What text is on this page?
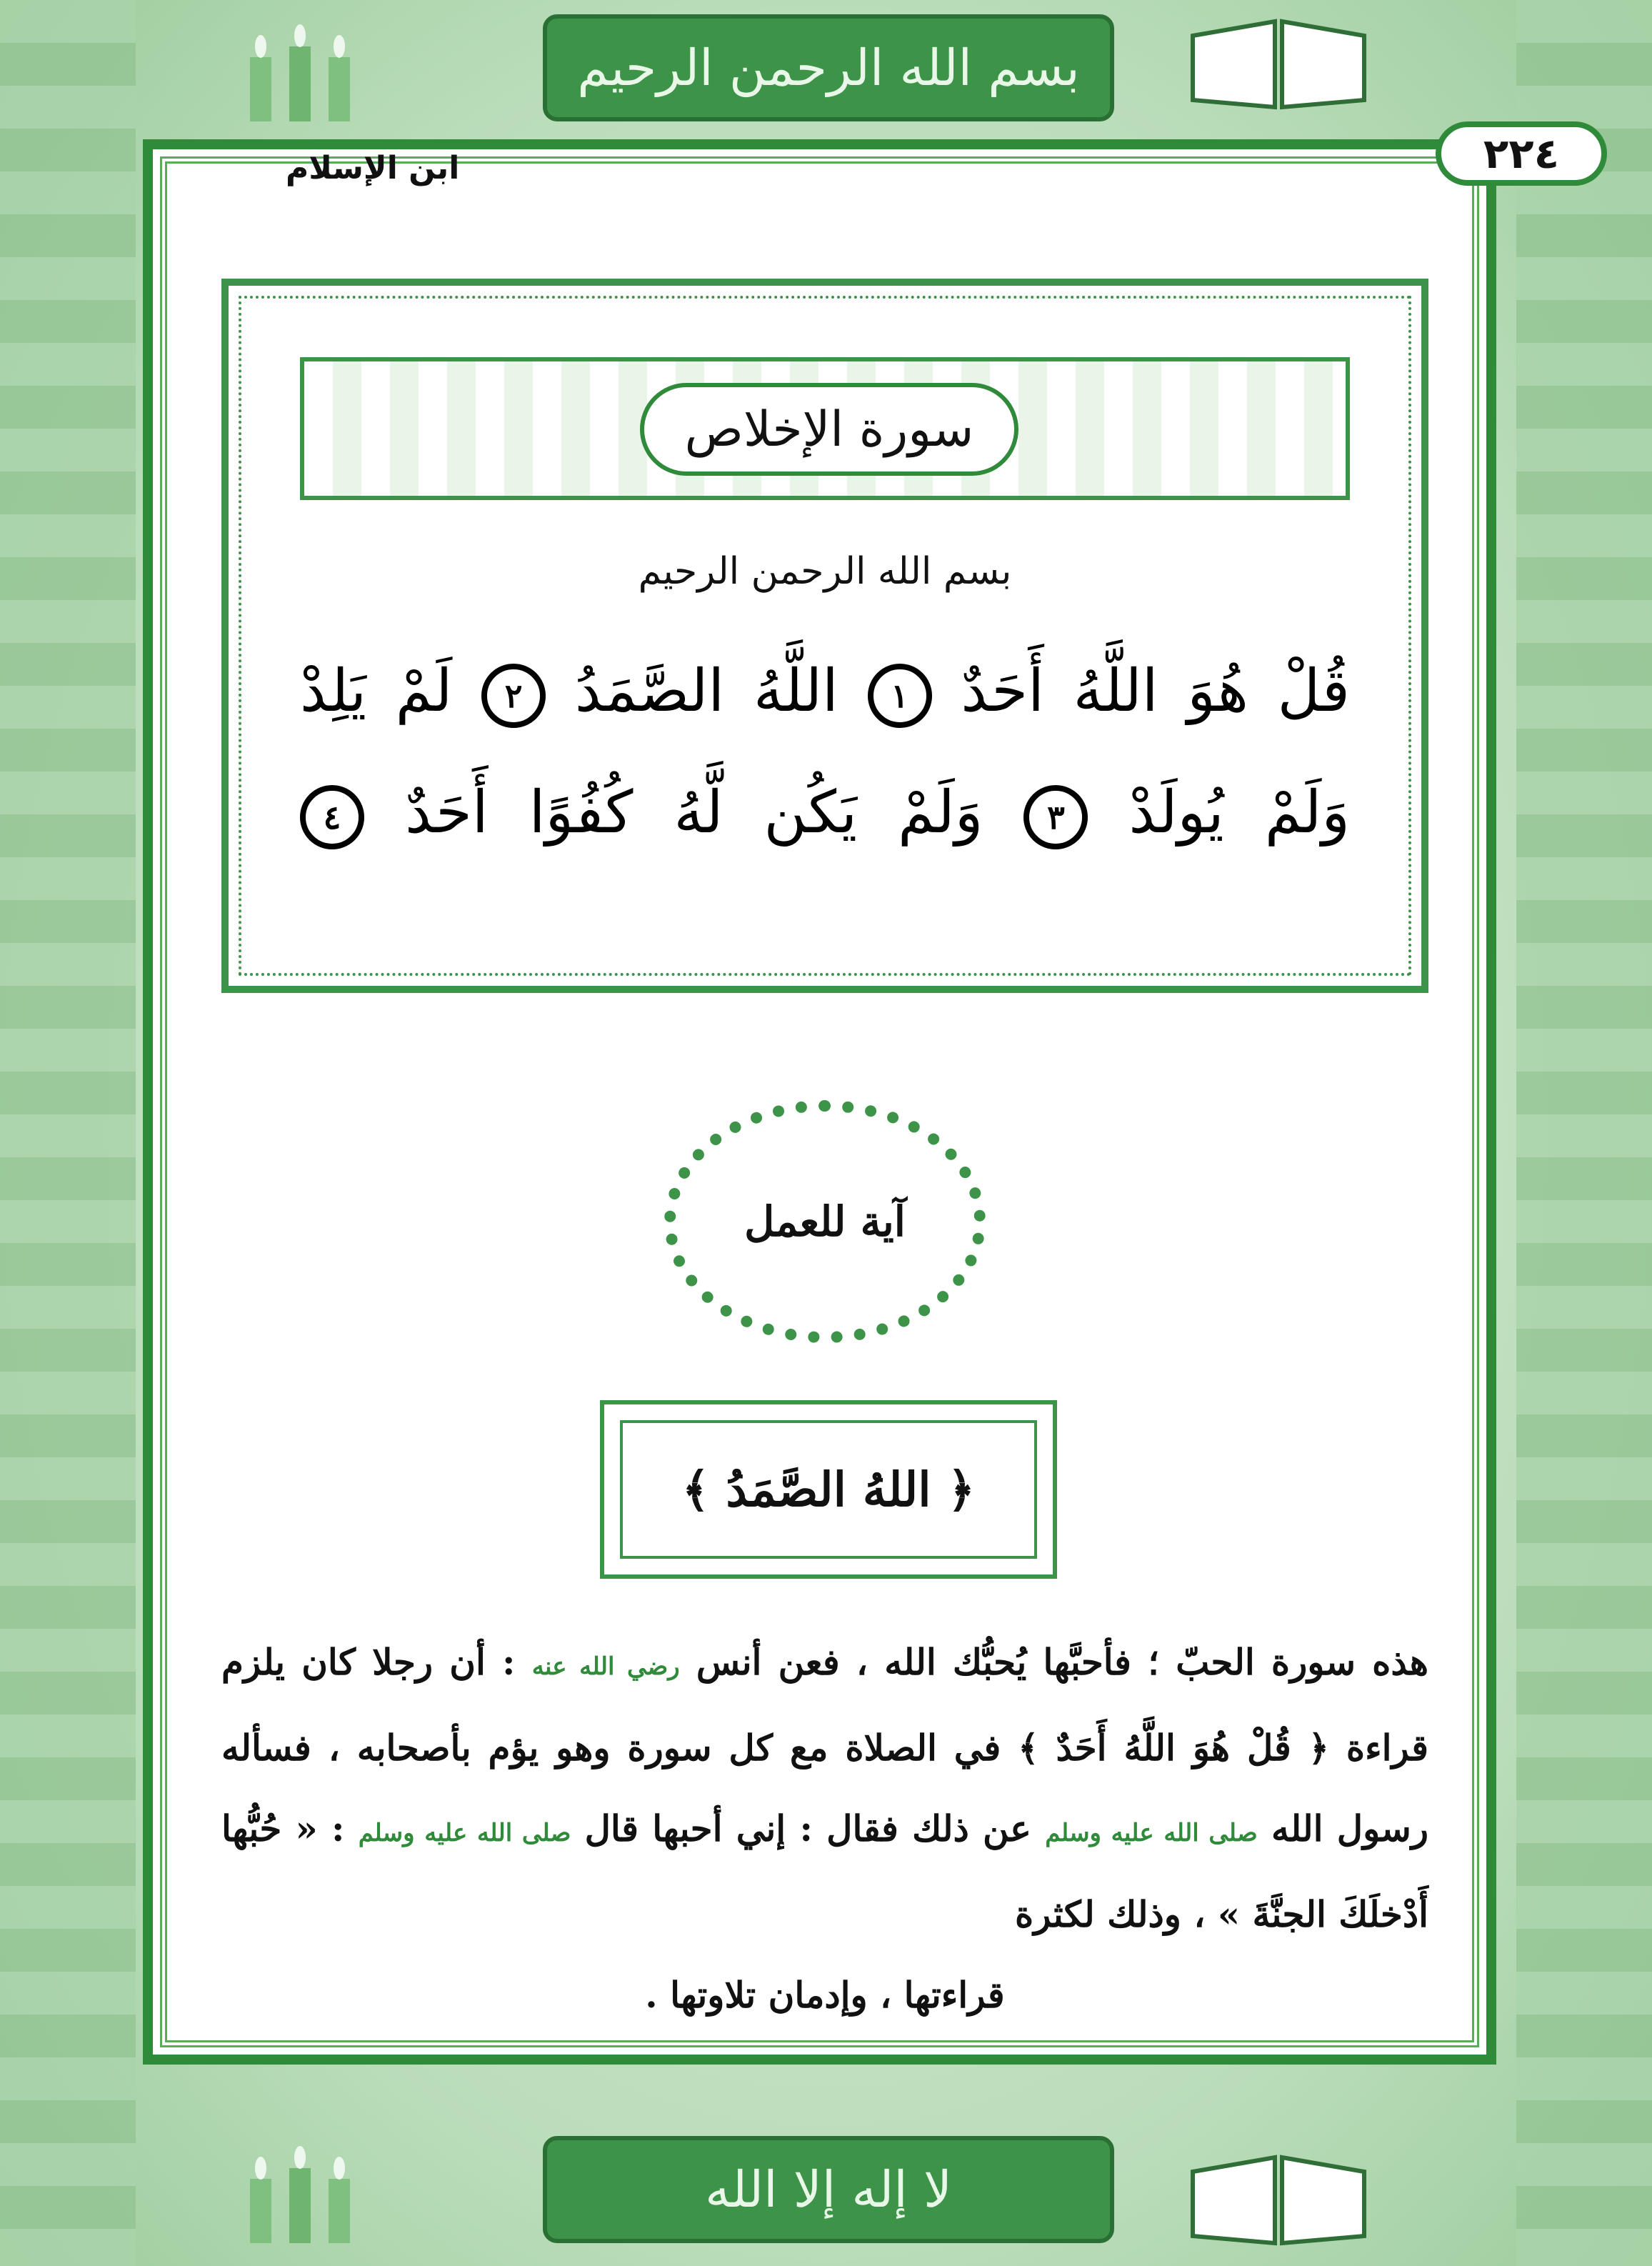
بسم الله الرحمن الرحيم
لا إله إلا الله
٢٢٤
ابن الإسلام
سورة الإخلاص
بسم الله الرحمن الرحيم
قُلْ هُوَ اللَّهُ أَحَدٌ ١ اللَّهُ الصَّمَدُ ٢ لَمْ يَلِدْ
وَلَمْ يُولَدْ ٣ وَلَمْ يَكُن لَّهُ كُفُوًا أَحَدٌ ٤
آية للعمل
﴿ اللهُ الصَّمَدُ ﴾
هذه سورة الحبّ ؛ فأحبَّها يُحبُّك الله ، فعن أنس رضي الله عنه : أن رجلا كان يلزم قراءة ﴿ قُلْ هُوَ اللَّهُ أَحَدٌ ﴾ في الصلاة مع كل سورة وهو يؤم بأصحابه ، فسأله رسول الله صلى الله عليه وسلم عن ذلك فقال : إني أحبها قال صلى الله عليه وسلم : « حُبُّها أَدْخلَكَ الجنَّةَ » ، وذلك لكثرة
قراءتها ، وإدمان تلاوتها .
